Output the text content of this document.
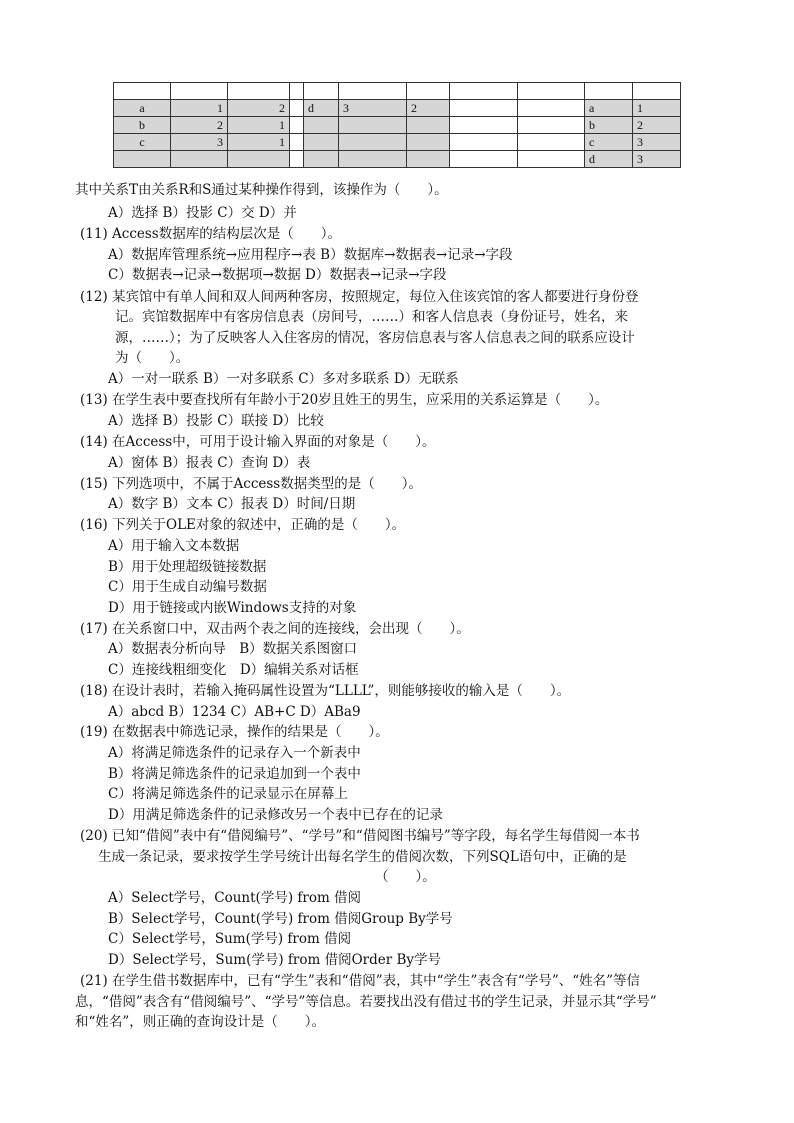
a	1	2		d	3	2			a	1	
b	2	1							b	2	
c	3	1							c	3	
									d	3	
其中关系T由关系R和S通过某种操作得到，该操作为（　　）。
A）选择 B）投影 C）交 D）并
(11) Access数据库的结构层次是（　　）。
A）数据库管理系统→应用程序→表 B）数据库→数据表→记录→字段
C）数据表→记录→数据项→数据 D）数据表→记录→字段
(12) 某宾馆中有单人间和双人间两种客房，按照规定，每位入住该宾馆的客人都要进行身份登
记。宾馆数据库中有客房信息表（房间号，……）和客人信息表（身份证号，姓名，来
源，……）；为了反映客人入住客房的情况，客房信息表与客人信息表之间的联系应设计
为（　　）。
A）一对一联系 B）一对多联系 C）多对多联系 D）无联系
(13) 在学生表中要查找所有年龄小于20岁且姓王的男生，应采用的关系运算是（　　）。
A）选择 B）投影 C）联接 D）比较
(14) 在Access中，可用于设计输入界面的对象是（　　）。
A）窗体 B）报表 C）查询 D）表
(15) 下列选项中，不属于Access数据类型的是（　　）。
A）数字 B）文本 C）报表 D）时间/日期
(16) 下列关于OLE对象的叙述中，正确的是（　　）。
A）用于输入文本数据
B）用于处理超级链接数据
C）用于生成自动编号数据
D）用于链接或内嵌Windows支持的对象
(17) 在关系窗口中，双击两个表之间的连接线，会出现（　　）。
A）数据表分析向导　B）数据关系图窗口
C）连接线粗细变化　D）编辑关系对话框
(18) 在设计表时，若输入掩码属性设置为“LLLL”，则能够接收的输入是（　　）。
A）abcd B）1234 C）AB+C D）ABa9
(19) 在数据表中筛选记录，操作的结果是（　　）。
A）将满足筛选条件的记录存入一个新表中
B）将满足筛选条件的记录追加到一个表中
C）将满足筛选条件的记录显示在屏幕上
D）用满足筛选条件的记录修改另一个表中已存在的记录
(20) 已知“借阅”表中有“借阅编号”、“学号”和“借阅图书编号”等字段，每名学生每借阅一本书
生成一条记录，要求按学生学号统计出每名学生的借阅次数，下列SQL语句中，正确的是
（　　）。
A）Select学号，Count(学号) from 借阅
B）Select学号，Count(学号) from 借阅Group By学号
C）Select学号，Sum(学号) from 借阅
D）Select学号，Sum(学号) from 借阅Order By学号
(21) 在学生借书数据库中，已有“学生”表和“借阅”表，其中“学生”表含有“学号”、“姓名”等信
息，“借阅”表含有“借阅编号”、“学号”等信息。若要找出没有借过书的学生记录，并显示其“学号”
和“姓名”，则正确的查询设计是（　　）。
